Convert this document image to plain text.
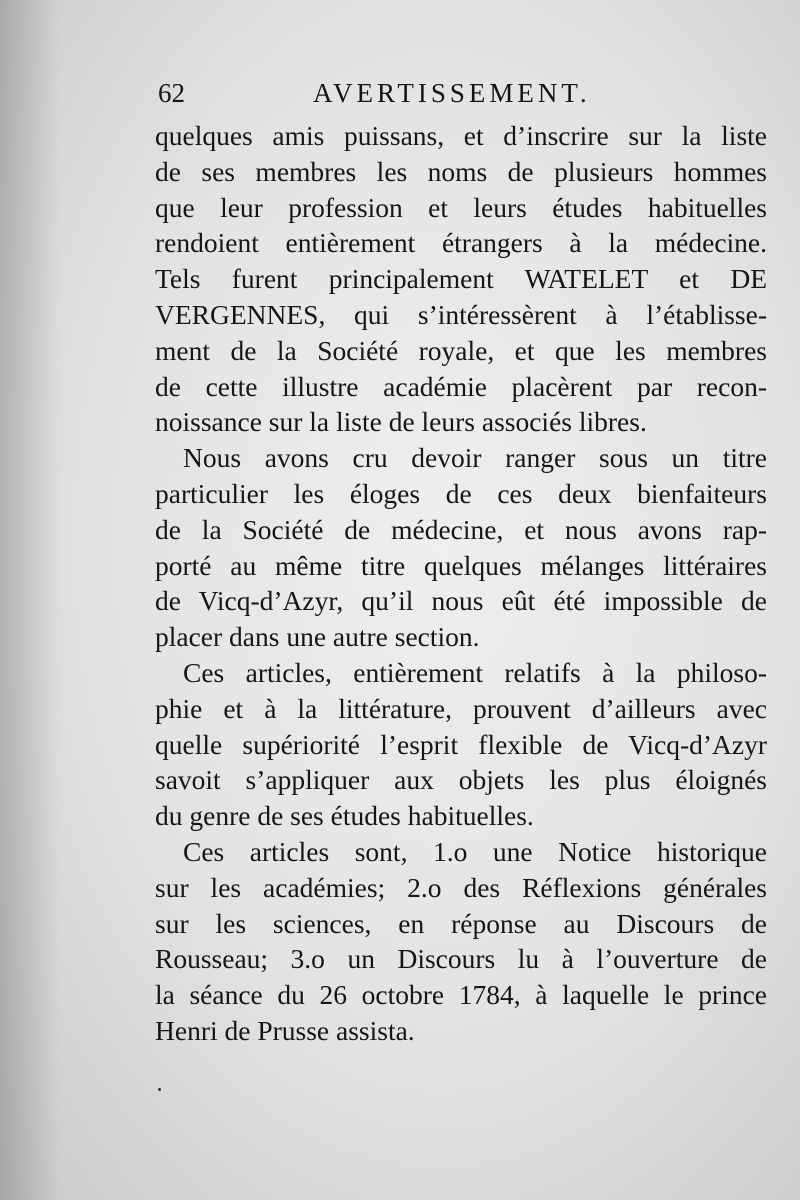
62	AVERTISSEMENT.

quelques amis puissans, et d’inscrire sur la liste
de ses membres les noms de plusieurs hommes
que leur profession et leurs études habituelles
rendoient entièrement étrangers à la médecine.
Tels furent principalement WATELET et DE
VERGENNES, qui s’intéressèrent à l’établisse-
ment de la Société royale, et que les membres
de cette illustre académie placèrent par recon-
noissance sur la liste de leurs associés libres.

Nous avons cru devoir ranger sous un titre
particulier les éloges de ces deux bienfaiteurs
de la Société de médecine, et nous avons rap-
porté au même titre quelques mélanges littéraires
de Vicq-d’Azyr, qu’il nous eût été impossible de
placer dans une autre section.

Ces articles, entièrement relatifs à la philoso-
phie et à la littérature, prouvent d’ailleurs avec
quelle supériorité l’esprit flexible de Vicq-d’Azyr
savoit s’appliquer aux objets les plus éloignés
du genre de ses études habituelles.

Ces articles sont, 1.o une Notice historique
sur les académies; 2.o des Réflexions générales
sur les sciences, en réponse au Discours de
Rousseau; 3.o un Discours lu à l’ouverture de
la séance du 26 octobre 1784, à laquelle le prince
Henri de Prusse assista.
